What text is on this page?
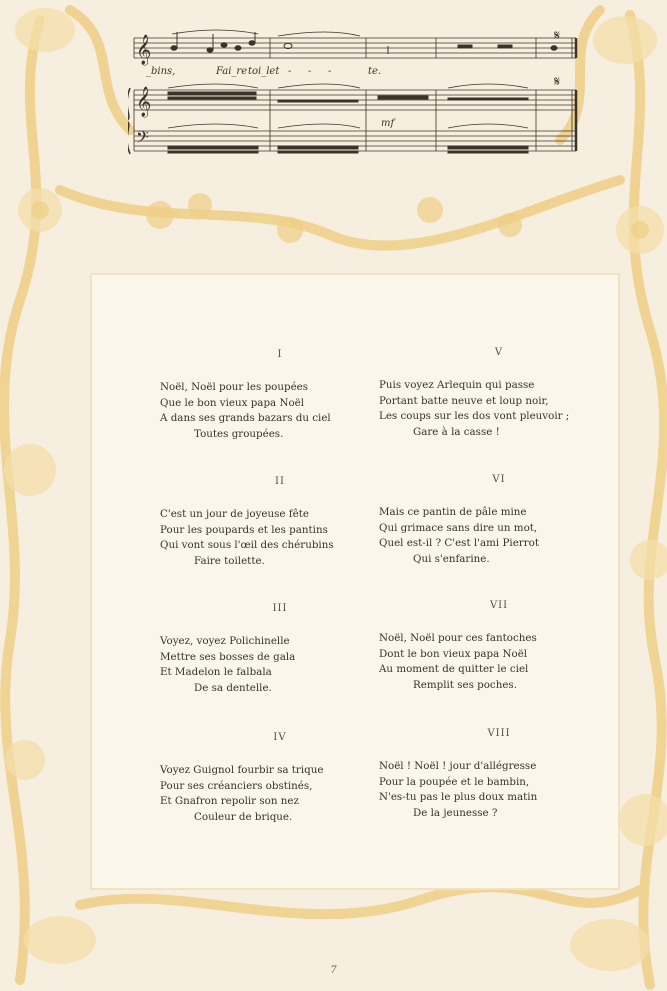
𝄞
𝄞
𝄢
𝄋
𝄋
mf
_bins,	Fai_re toi_let	te.
- - -
I
Noël, Noël pour les poupées
Que le bon vieux papa Noël
A dans ses grands bazars du ciel
Toutes groupées.
II
C'est un jour de joyeuse fête
Pour les poupards et les pantins
Qui vont sous l'œil des chérubins
Faire toilette.
III
Voyez, voyez Polichinelle
Mettre ses bosses de gala
Et Madelon le falbala
De sa dentelle.
IV
Voyez Guignol fourbir sa trique
Pour ses créanciers obstinés,
Et Gnafron repolir son nez
Couleur de brique.
V
Puis voyez Arlequin qui passe
Portant batte neuve et loup noir,
Les coups sur les dos vont pleuvoir ;
Gare à la casse !
VI
Mais ce pantin de pâle mine
Qui grimace sans dire un mot,
Quel est-il ? C'est l'ami Pierrot
Qui s'enfarine.
VII
Noël, Noël pour ces fantoches
Dont le bon vieux papa Noël
Au moment de quitter le ciel
Remplit ses poches.
VIII
Noël ! Noël ! jour d'allégresse
Pour la poupée et le bambin,
N'es-tu pas le plus doux matin
De la jeunesse ?
7
